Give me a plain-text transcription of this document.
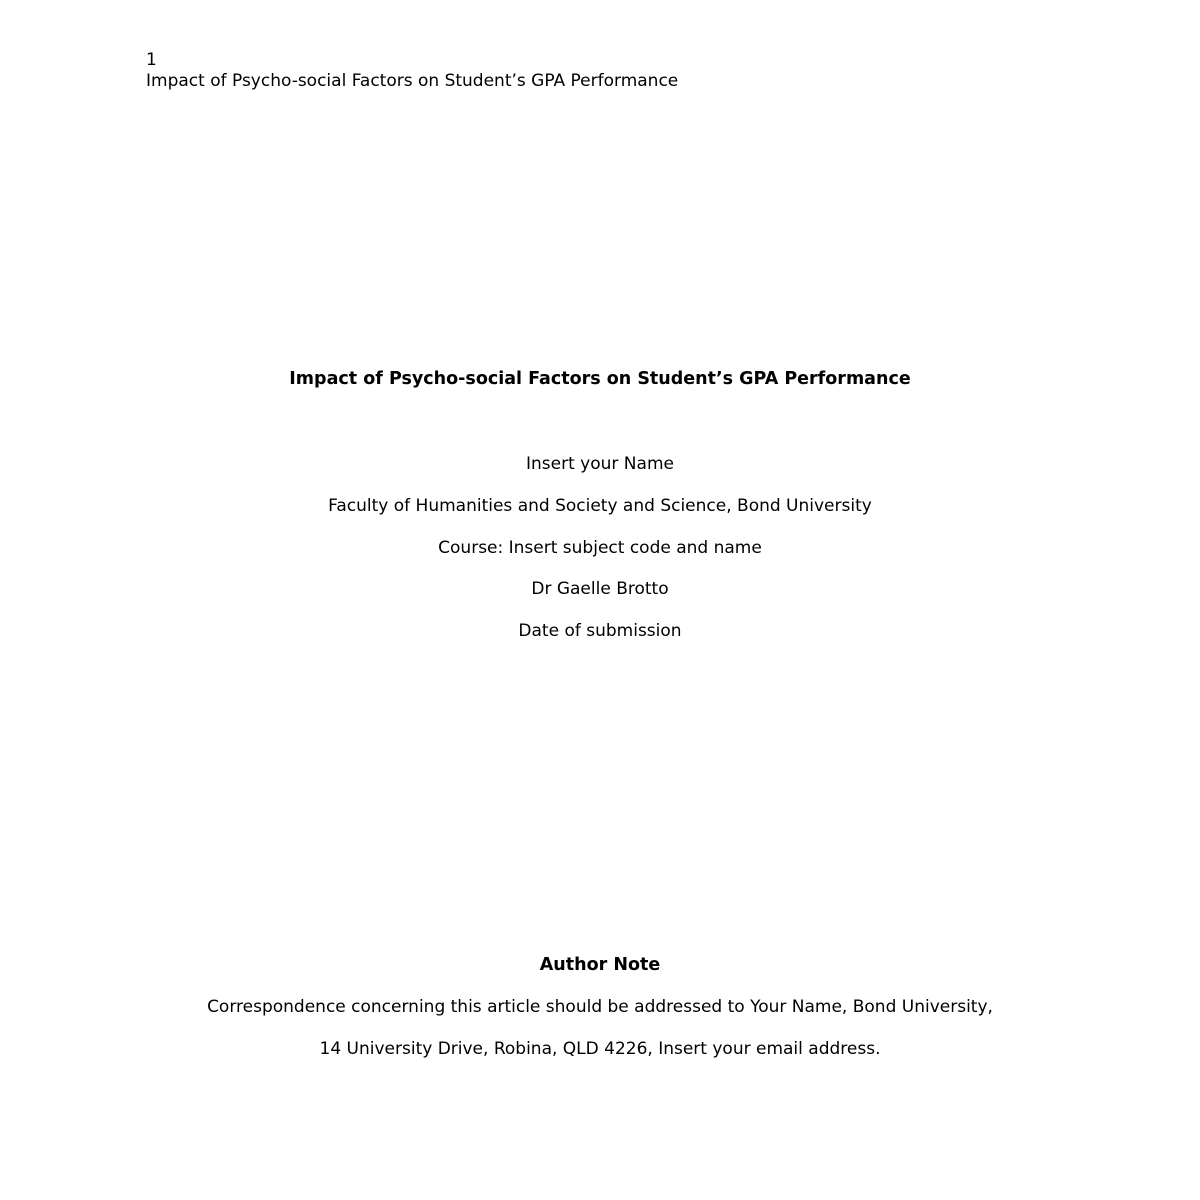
1
Impact of Psycho-social Factors on Student’s GPA Performance
Impact of Psycho-social Factors on Student’s GPA Performance
Insert your Name
Faculty of Humanities and Society and Science, Bond University
Course: Insert subject code and name
Dr Gaelle Brotto
Date of submission
Author Note
Correspondence concerning this article should be addressed to Your Name, Bond University,
14 University Drive, Robina, QLD 4226, Insert your email address.
